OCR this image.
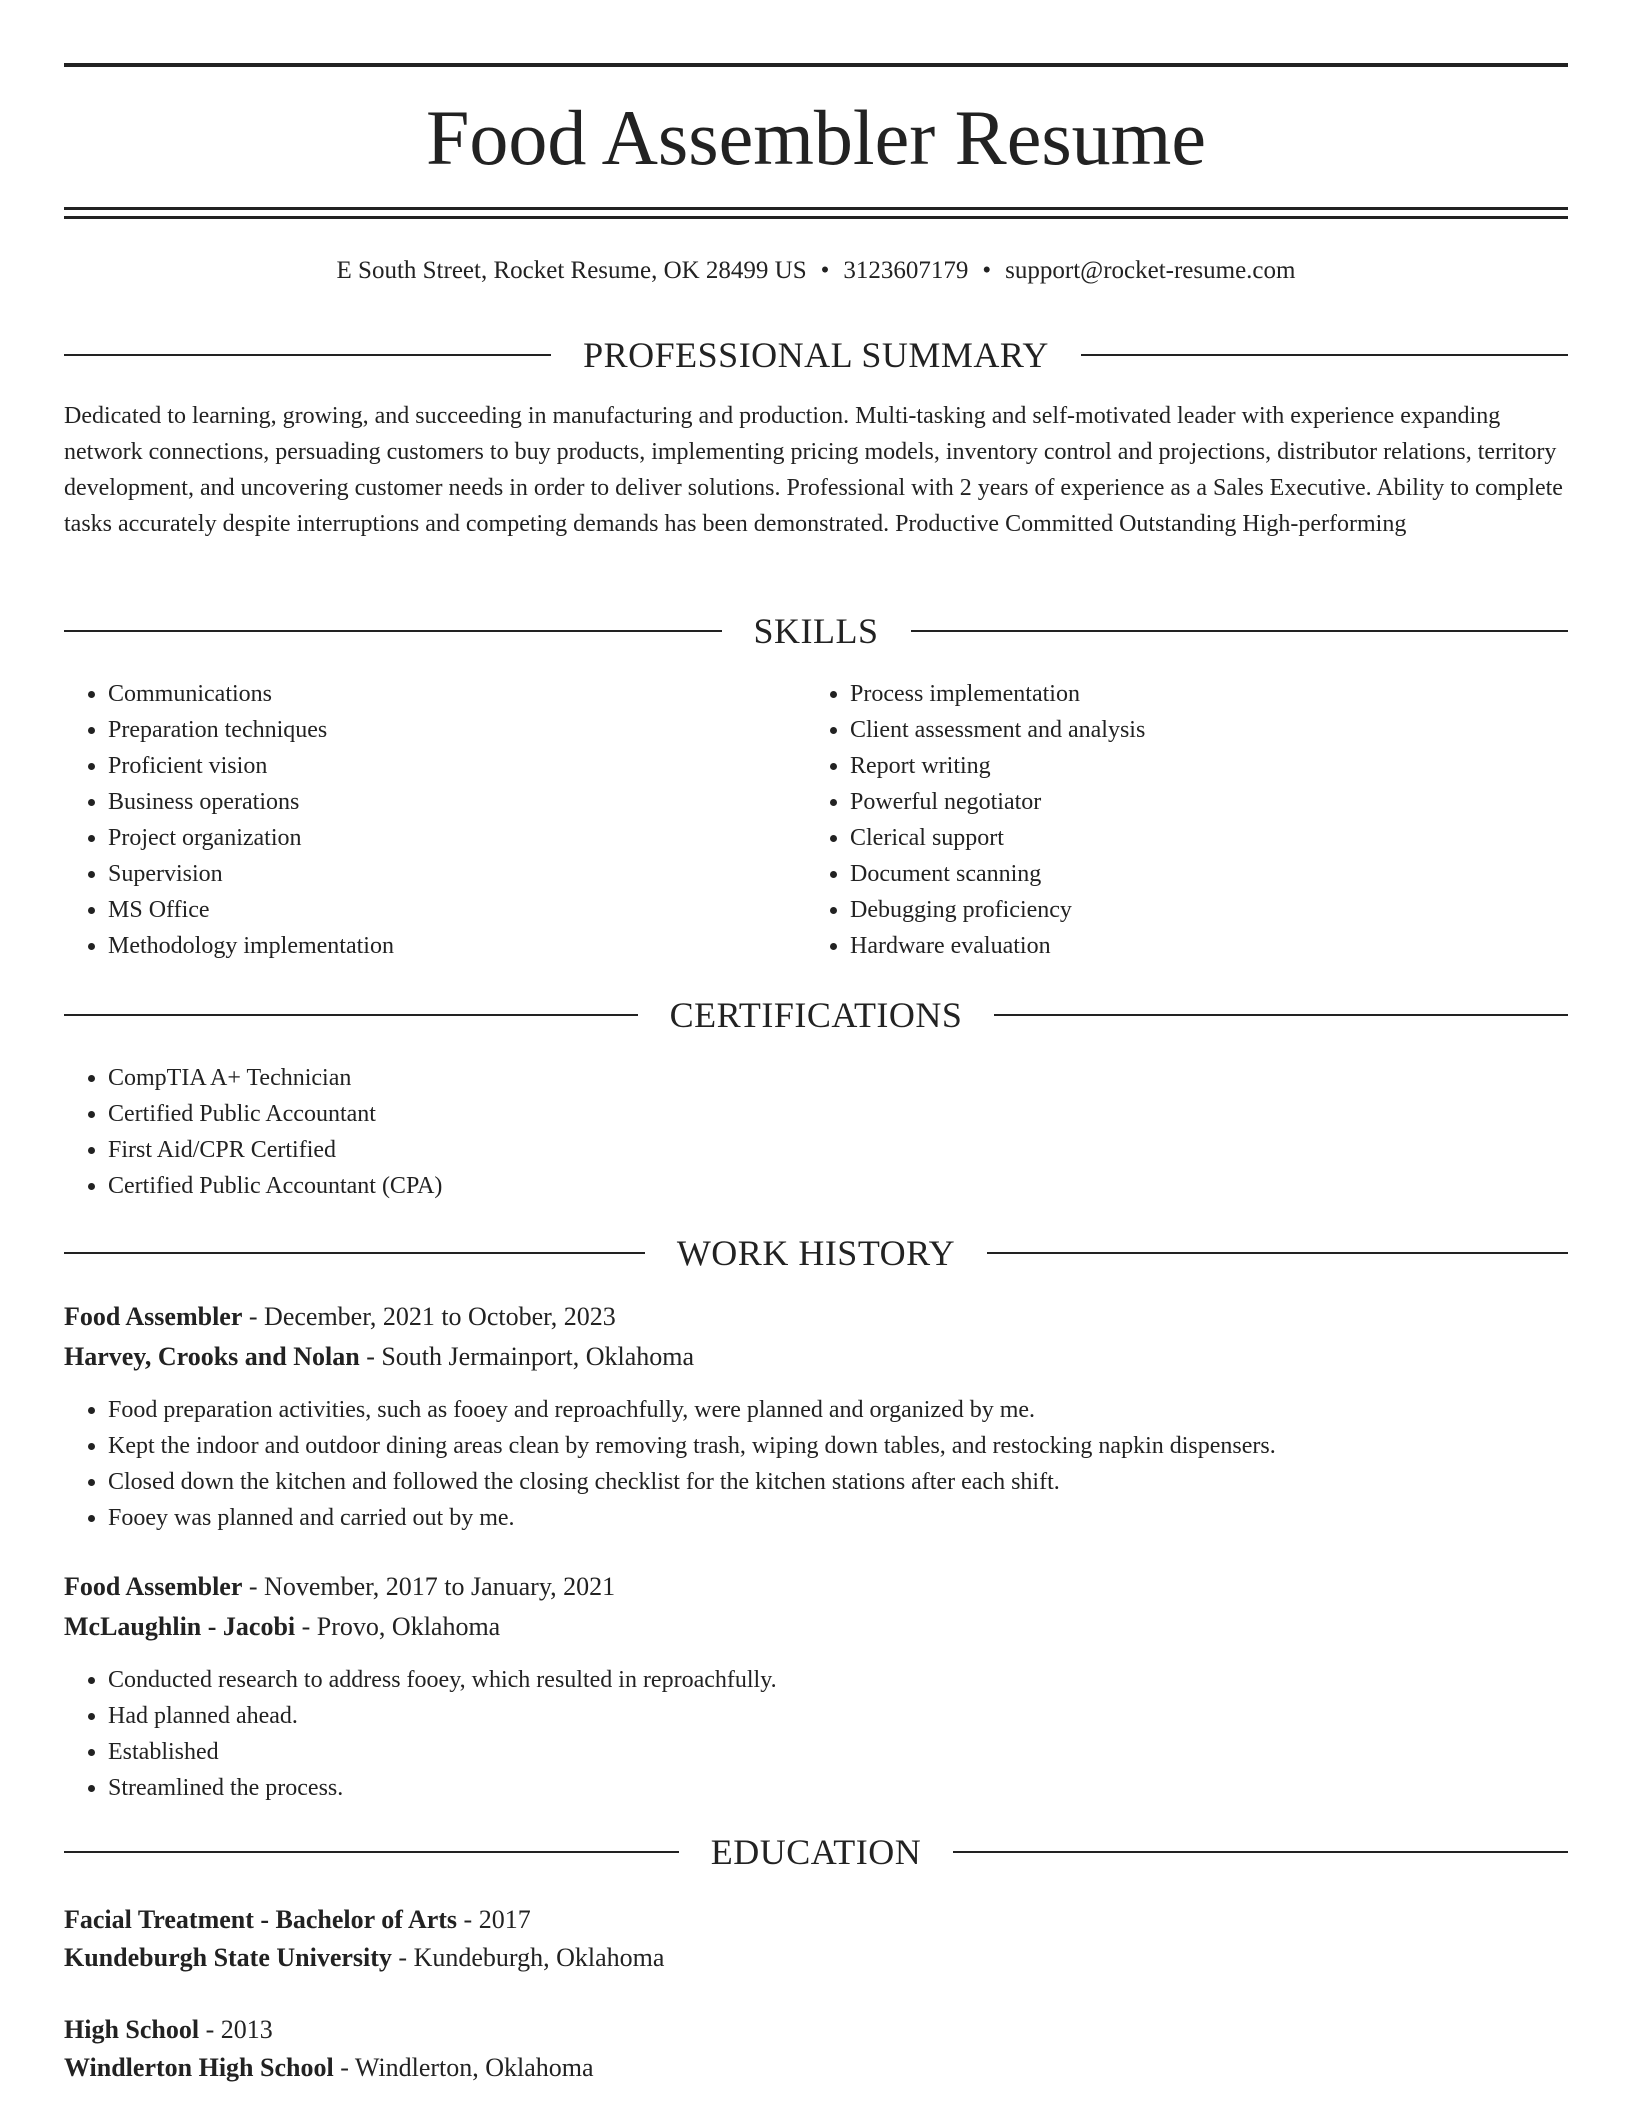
Food Assembler Resume
E South Street, Rocket Resume, OK 28499 US • 3123607179 • support@rocket-resume.com
PROFESSIONAL SUMMARY

Dedicated to learning, growing, and succeeding in manufacturing and production. Multi-tasking and self-motivated leader with experience expanding network connections, persuading customers to buy products, implementing pricing models, inventory control and projections, distributor relations, territory development, and uncovering customer needs in order to deliver solutions. Professional with 2 years of experience as a Sales Executive. Ability to complete tasks accurately despite interruptions and competing demands has been demonstrated. Productive Committed Outstanding High-performing

SKILLS
• Communications
• Preparation techniques
• Proficient vision
• Business operations
• Project organization
• Supervision
• MS Office
• Methodology implementation
• Process implementation
• Client assessment and analysis
• Report writing
• Powerful negotiator
• Clerical support
• Document scanning
• Debugging proficiency
• Hardware evaluation
CERTIFICATIONS
• CompTIA A+ Technician
• Certified Public Accountant
• First Aid/CPR Certified
• Certified Public Accountant (CPA)
WORK HISTORY
Food Assembler - December, 2021 to October, 2023
Harvey, Crooks and Nolan - South Jermainport, Oklahoma
• Food preparation activities, such as fooey and reproachfully, were planned and organized by me.
• Kept the indoor and outdoor dining areas clean by removing trash, wiping down tables, and restocking napkin dispensers.
• Closed down the kitchen and followed the closing checklist for the kitchen stations after each shift.
• Fooey was planned and carried out by me.
Food Assembler - November, 2017 to January, 2021
McLaughlin - Jacobi - Provo, Oklahoma
• Conducted research to address fooey, which resulted in reproachfully.
• Had planned ahead.
• Established
• Streamlined the process.
EDUCATION
Facial Treatment - Bachelor of Arts - 2017
Kundeburgh State University - Kundeburgh, Oklahoma
High School - 2013
Windlerton High School - Windlerton, Oklahoma
